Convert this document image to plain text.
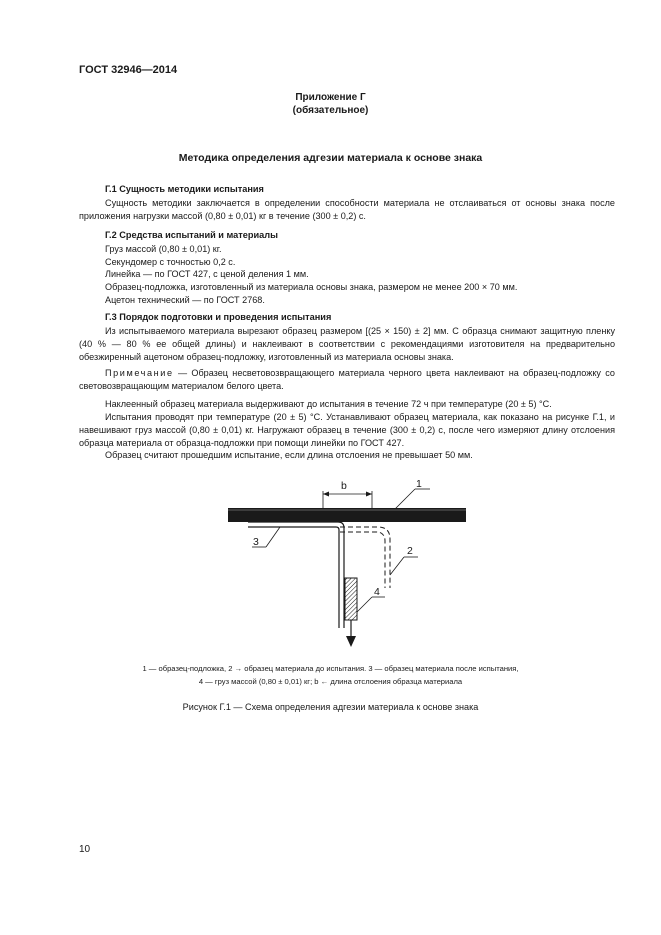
ГОСТ 32946—2014
Приложение Г
(обязательное)
Методика определения адгезии материала к основе знака
Г.1 Сущность методики испытания
Сущность методики заключается в определении способности материала не отслаиваться от основы знака после приложения нагрузки массой (0,80 ± 0,01) кг в течение (300 ± 0,2) с.
Г.2 Средства испытаний и материалы
Груз массой (0,80 ± 0,01) кг.
Секундомер с точностью 0,2 с.
Линейка — по ГОСТ 427, с ценой деления 1 мм.
Образец-подложка, изготовленный из материала основы знака, размером не менее 200 × 70 мм.
Ацетон технический — по ГОСТ 2768.
Г.3 Порядок подготовки и проведения испытания
Из испытываемого материала вырезают образец размером [(25 × 150) ± 2] мм. С образца снимают защитную пленку (40 % — 80 % ее общей длины) и наклеивают в соответствии с рекомендациями изготовителя на предварительно обезжиренный ацетоном образец-подложку, изготовленный из материала основы знака.
Примечание — Образец несветовозвращающего материала черного цвета наклеивают на образец-подложку со световозвращающим материалом белого цвета.
Наклеенный образец материала выдерживают до испытания в течение 72 ч при температуре (20 ± 5) °С.
Испытания проводят при температуре (20 ± 5) °С. Устанавливают образец материала, как показано на рисунке Г.1, и навешивают груз массой (0,80 ± 0,01) кг. Нагружают образец в течение (300 ± 0,2) с, после чего измеряют длину отслоения образца материала от образца-подложки при помощи линейки по ГОСТ 427.
Образец считают прошедшим испытание, если длина отслоения не превышает 50 мм.
b	1
2
3
4
1 — образец-подложка, 2 → образец материала до испытания. 3 — образец материала после испытания,
4 — груз массой (0,80 ± 0,01) кг; b ← длина отслоения образца материала
Рисунок Г.1 — Схема определения адгезии материала к основе знака
10
